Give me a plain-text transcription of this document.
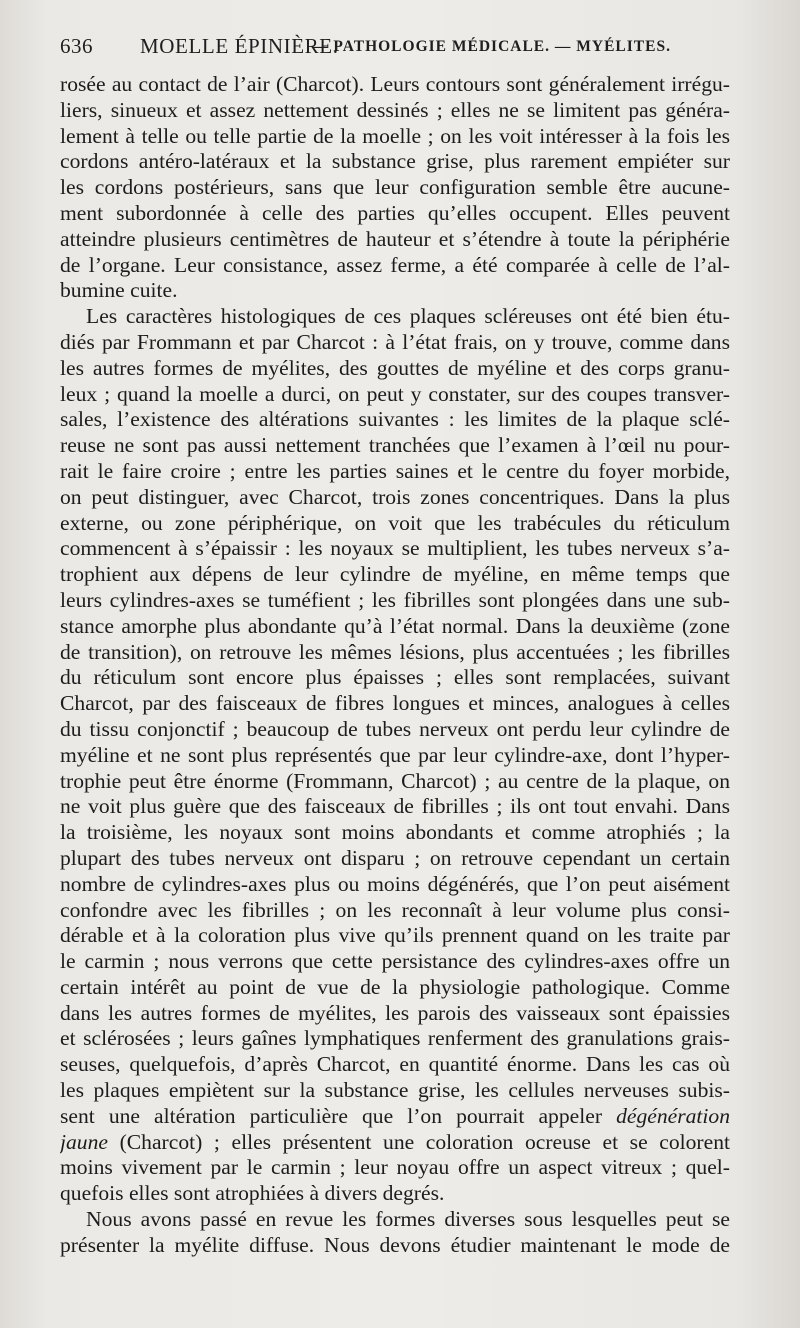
636 MOELLE ÉPINIÈRE.
— PATHOLOGIE MÉDICALE. — MYÉLITES.
rosée au contact de l’air (Charcot). Leurs contours sont généralement irrégu-
liers, sinueux et assez nettement dessinés ; elles ne se limitent pas généra-
lement à telle ou telle partie de la moelle ; on les voit intéresser à la fois les
cordons antéro-latéraux et la substance grise, plus rarement empiéter sur
les cordons postérieurs, sans que leur configuration semble être aucune-
ment subordonnée à celle des parties qu’elles occupent. Elles peuvent
atteindre plusieurs centimètres de hauteur et s’étendre à toute la périphérie
de l’organe. Leur consistance, assez ferme, a été comparée à celle de l’al-
bumine cuite.
Les caractères histologiques de ces plaques scléreuses ont été bien étu-
diés par Frommann et par Charcot : à l’état frais, on y trouve, comme dans
les autres formes de myélites, des gouttes de myéline et des corps granu-
leux ; quand la moelle a durci, on peut y constater, sur des coupes transver-
sales, l’existence des altérations suivantes : les limites de la plaque sclé-
reuse ne sont pas aussi nettement tranchées que l’examen à l’œil nu pour-
rait le faire croire ; entre les parties saines et le centre du foyer morbide,
on peut distinguer, avec Charcot, trois zones concentriques. Dans la plus
externe, ou zone périphérique, on voit que les trabécules du réticulum
commencent à s’épaissir : les noyaux se multiplient, les tubes nerveux s’a-
trophient aux dépens de leur cylindre de myéline, en même temps que
leurs cylindres-axes se tuméfient ; les fibrilles sont plongées dans une sub-
stance amorphe plus abondante qu’à l’état normal. Dans la deuxième (zone
de transition), on retrouve les mêmes lésions, plus accentuées ; les fibrilles
du réticulum sont encore plus épaisses ; elles sont remplacées, suivant
Charcot, par des faisceaux de fibres longues et minces, analogues à celles
du tissu conjonctif ; beaucoup de tubes nerveux ont perdu leur cylindre de
myéline et ne sont plus représentés que par leur cylindre-axe, dont l’hyper-
trophie peut être énorme (Frommann, Charcot) ; au centre de la plaque, on
ne voit plus guère que des faisceaux de fibrilles ; ils ont tout envahi. Dans
la troisième, les noyaux sont moins abondants et comme atrophiés ; la
plupart des tubes nerveux ont disparu ; on retrouve cependant un certain
nombre de cylindres-axes plus ou moins dégénérés, que l’on peut aisément
confondre avec les fibrilles ; on les reconnaît à leur volume plus consi-
dérable et à la coloration plus vive qu’ils prennent quand on les traite par
le carmin ; nous verrons que cette persistance des cylindres-axes offre un
certain intérêt au point de vue de la physiologie pathologique. Comme
dans les autres formes de myélites, les parois des vaisseaux sont épaissies
et sclérosées ; leurs gaînes lymphatiques renferment des granulations grais-
seuses, quelquefois, d’après Charcot, en quantité énorme. Dans les cas où
les plaques empiètent sur la substance grise, les cellules nerveuses subis-
sent une altération particulière que l’on pourrait appeler dégénération
jaune (Charcot) ; elles présentent une coloration ocreuse et se colorent
moins vivement par le carmin ; leur noyau offre un aspect vitreux ; quel-
quefois elles sont atrophiées à divers degrés.
Nous avons passé en revue les formes diverses sous lesquelles peut se
présenter la myélite diffuse. Nous devons étudier maintenant le mode de
